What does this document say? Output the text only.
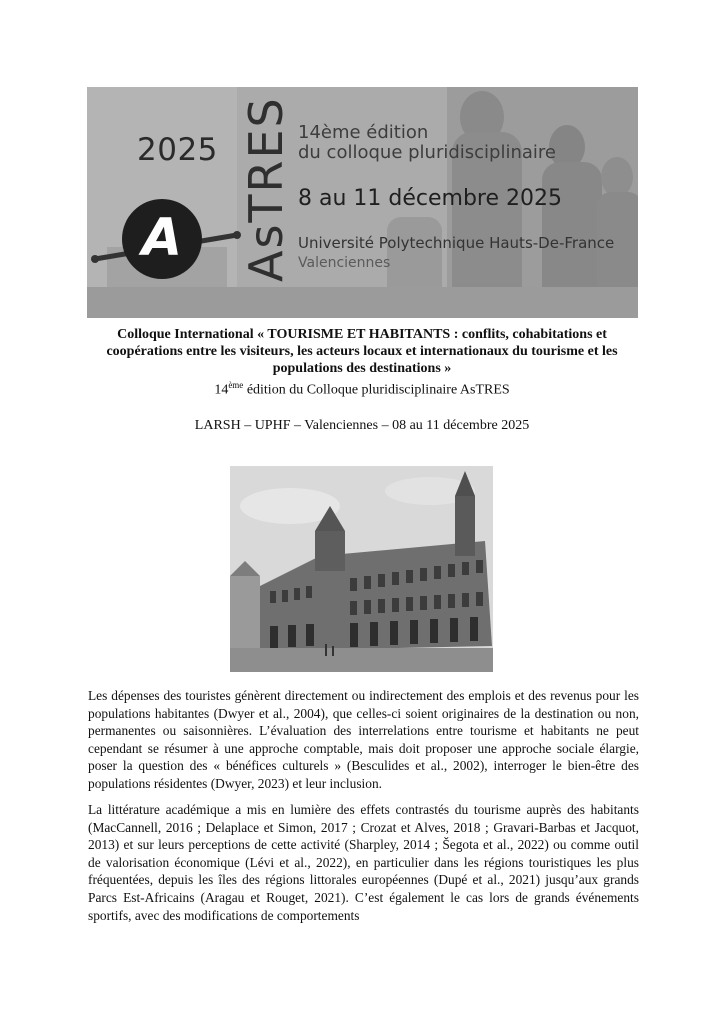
2025
A AsTRES 14ème édition
du colloque pluridisciplinaire
8 au 11 décembre 2025
Université Polytechnique Hauts-De-France
Valenciennes
Colloque International « TOURISME ET HABITANTS : conflits, cohabitations et coopérations entre les visiteurs, les acteurs locaux et internationaux du tourisme et les populations des destinations »
14ème édition du Colloque pluridisciplinaire AsTRES
LARSH – UPHF – Valenciennes – 08 au 11 décembre 2025
Les dépenses des touristes génèrent directement ou indirectement des emplois et des revenus pour les populations habitantes (Dwyer et al., 2004), que celles-ci soient originaires de la destination ou non, permanentes ou saisonnières. L’évaluation des interrelations entre tourisme et habitants ne peut cependant se résumer à une approche comptable, mais doit proposer une approche sociale élargie, poser la question des « bénéfices culturels » (Besculides et al., 2002), interroger le bien-être des populations résidentes (Dwyer, 2023) et leur inclusion.
La littérature académique a mis en lumière des effets contrastés du tourisme auprès des habitants (MacCannell, 2016 ; Delaplace et Simon, 2017 ; Crozat et Alves, 2018 ; Gravari-Barbas et Jacquot, 2013) et sur leurs perceptions de cette activité (Sharpley, 2014 ; Šegota et al., 2022) ou comme outil de valorisation économique (Lévi et al., 2022), en particulier dans les régions touristiques les plus fréquentées, depuis les îles des régions littorales européennes (Dupé et al., 2021) jusqu’aux grands Parcs Est-Africains (Aragau et Rouget, 2021). C’est également le cas lors de grands événements sportifs, avec des modifications de comportements
